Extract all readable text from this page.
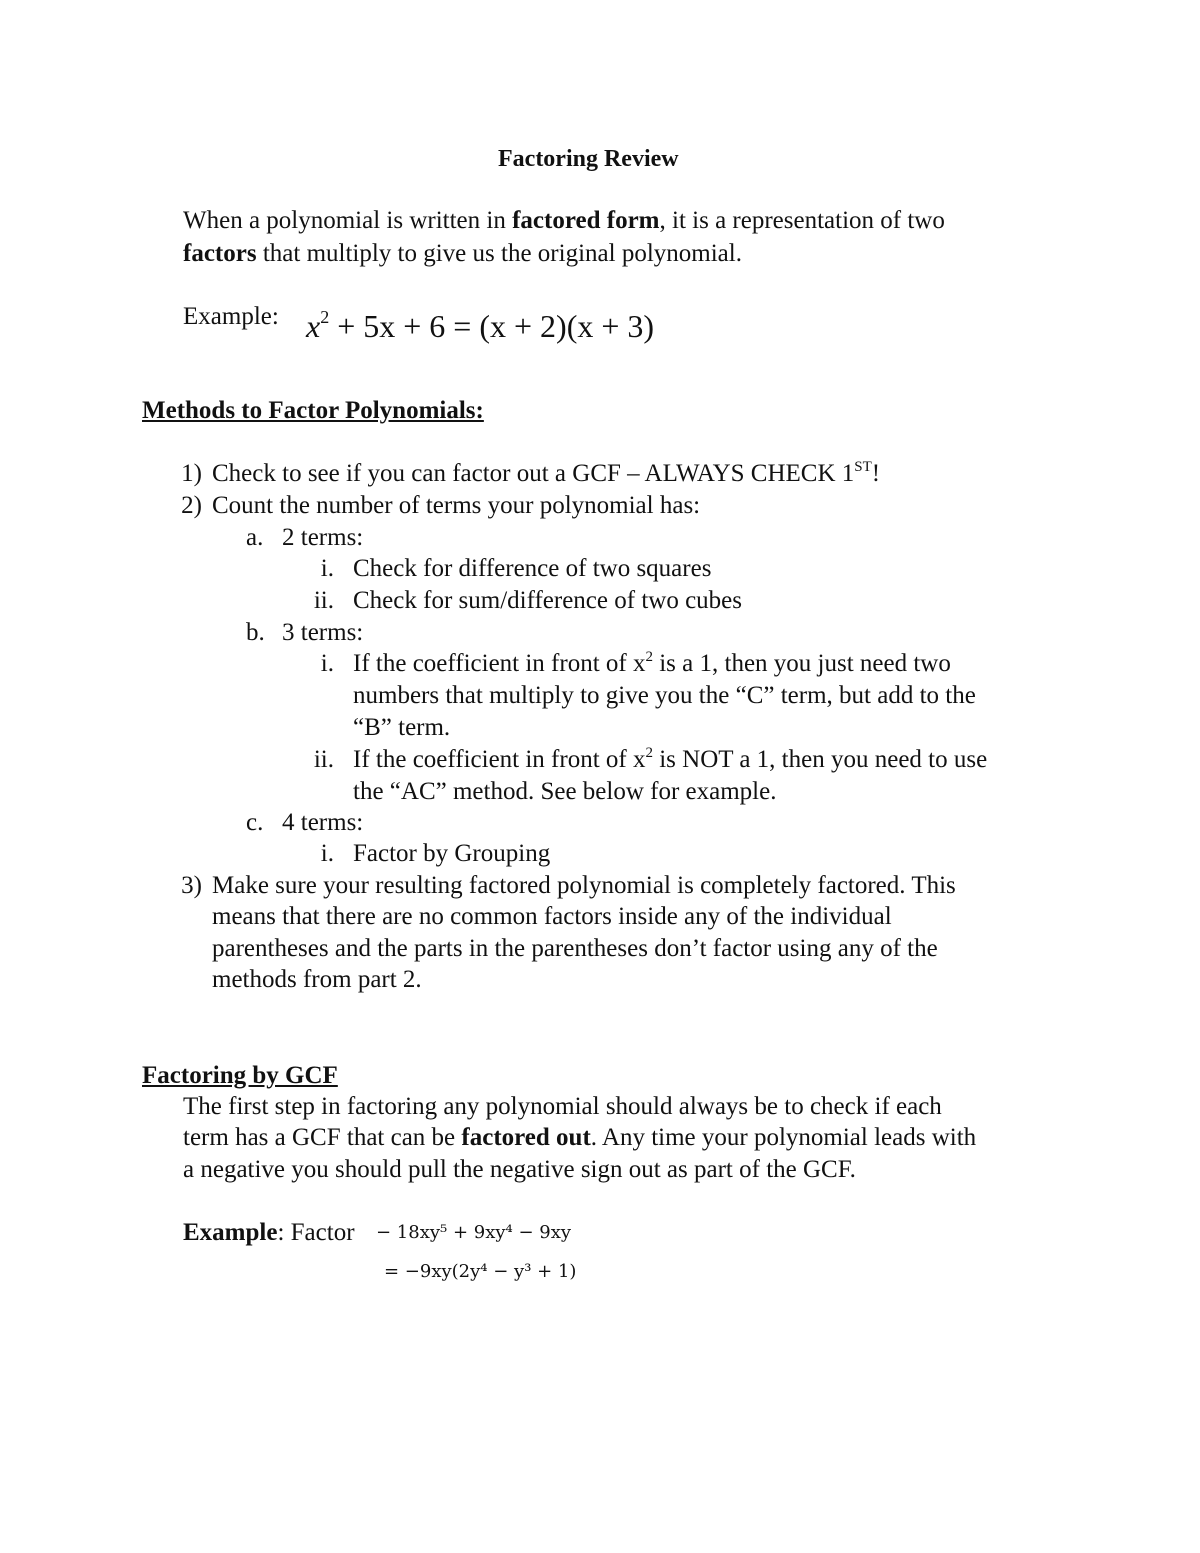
Factoring Review
When a polynomial is written in factored form, it is a representation of two
factors that multiply to give us the original polynomial.
Example: $x^2 + 5x + 6 = (x + 2)(x + 3)$
Methods to Factor Polynomials:
1) Check to see if you can factor out a GCF – ALWAYS CHECK 1ST!
2) Count the number of terms your polynomial has:
a. 2 terms:
i. Check for difference of two squares
ii. Check for sum/difference of two cubes
b. 3 terms:
i. If the coefficient in front of $x^2$ is a 1, then you just need two
numbers that multiply to give you the “C” term, but add to the
“B” term.
ii. If the coefficient in front of $x^2$ is NOT a 1, then you need to use
the “AC” method. See below for example.
c. 4 terms:
i. Factor by Grouping
3) Make sure your resulting factored polynomial is completely factored. This
means that there are no common factors inside any of the individual
parentheses and the parts in the parentheses don’t factor using any of the
methods from part 2.
Factoring by GCF
The first step in factoring any polynomial should always be to check if each
term has a GCF that can be factored out. Any time your polynomial leads with
a negative you should pull the negative sign out as part of the GCF.
Example: Factor − 18xy⁵ + 9xy⁴ − 9xy
= −9xy(2y⁴ − y³ + 1)
